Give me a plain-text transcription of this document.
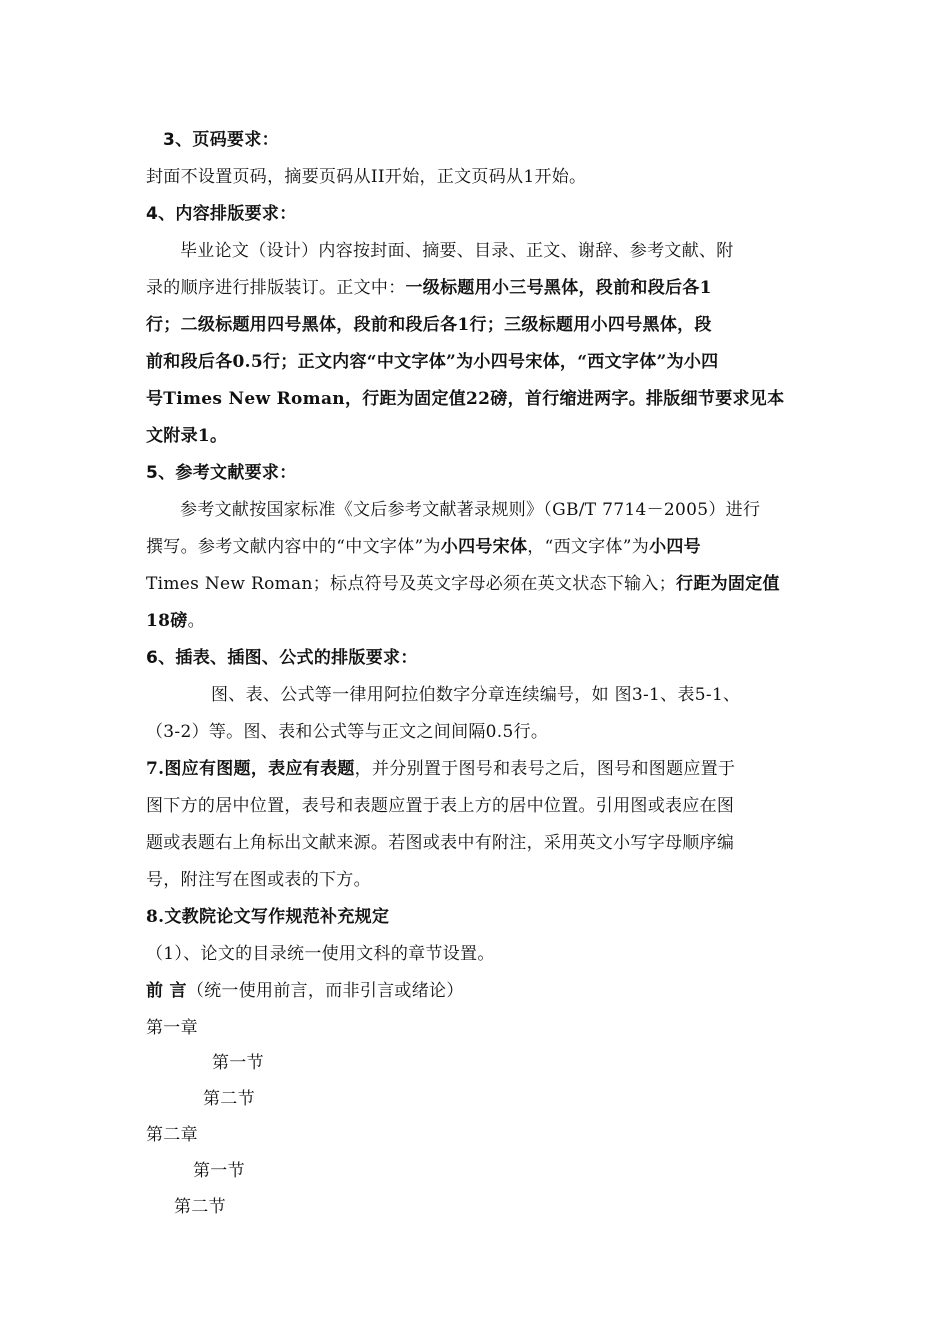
3、页码要求：
封面不设置页码，摘要页码从II开始，正文页码从1开始。
4、内容排版要求：
毕业论文（设计）内容按封面、摘要、目录、正文、谢辞、参考文献、附
录的顺序进行排版装订。正文中：一级标题用小三号黑体，段前和段后各1
行；二级标题用四号黑体，段前和段后各1行；三级标题用小四号黑体，段
前和段后各0.5行；正文内容“中文字体”为小四号宋体，“西文字体”为小四
号Times New Roman，行距为固定值22磅，首行缩进两字。排版细节要求见本
文附录1。
5、参考文献要求：
参考文献按国家标准《文后参考文献著录规则》（GB/T 7714－2005）进行
撰写。参考文献内容中的“中文字体”为小四号宋体，“西文字体”为小四号
Times New Roman；标点符号及英文字母必须在英文状态下输入；行距为固定值
18磅。
6、插表、插图、公式的排版要求：
图、表、公式等一律用阿拉伯数字分章连续编号，如 图3-1、表5-1、
（3-2）等。图、表和公式等与正文之间间隔0.5行。
7.图应有图题，表应有表题，并分别置于图号和表号之后，图号和图题应置于
图下方的居中位置，表号和表题应置于表上方的居中位置。引用图或表应在图
题或表题右上角标出文献来源。若图或表中有附注，采用英文小写字母顺序编
号，附注写在图或表的下方。
8.文教院论文写作规范补充规定
（1）、论文的目录统一使用文科的章节设置。
前 言（统一使用前言，而非引言或绪论）
第一章
第一节
第二节
第二章
第一节
第二节
